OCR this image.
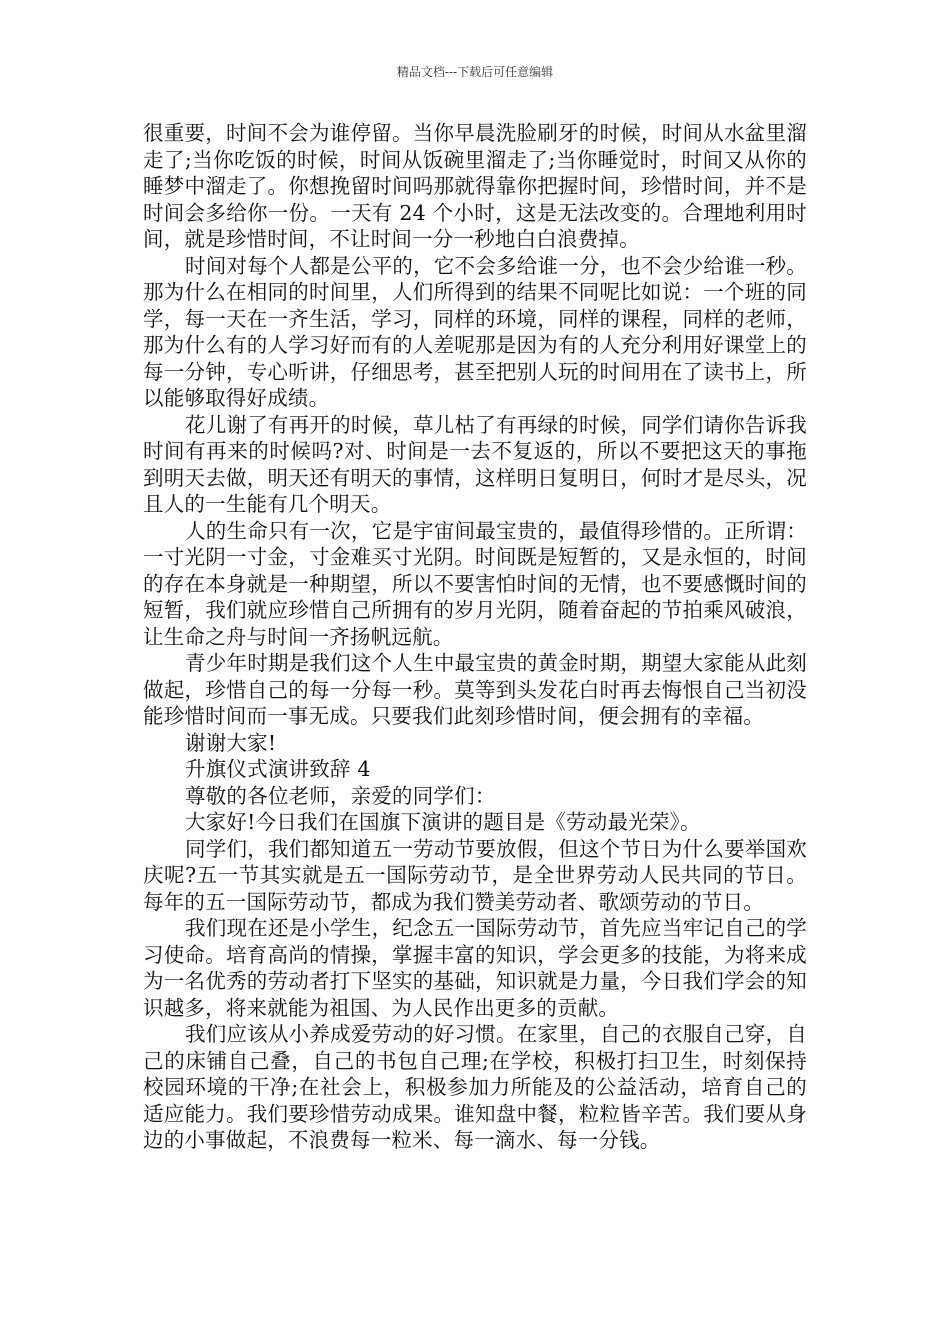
精品文档---下载后可任意编辑

很重要，时间不会为谁停留。当你早晨洗脸刷牙的时候，时间从水盆里溜走了;当你吃饭的时候，时间从饭碗里溜走了;当你睡觉时，时间又从你的睡梦中溜走了。你想挽留时间吗那就得靠你把握时间，珍惜时间，并不是时间会多给你一份。一天有 24 个小时，这是无法改变的。合理地利用时间，就是珍惜时间，不让时间一分一秒地白白浪费掉。

时间对每个人都是公平的，它不会多给谁一分，也不会少给谁一秒。那为什么在相同的时间里，人们所得到的结果不同呢比如说：一个班的同学，每一天在一齐生活，学习，同样的环境，同样的课程，同样的老师，那为什么有的人学习好而有的人差呢那是因为有的人充分利用好课堂上的每一分钟，专心听讲，仔细思考，甚至把别人玩的时间用在了读书上，所以能够取得好成绩。

花儿谢了有再开的时候，草儿枯了有再绿的时候，同学们请你告诉我时间有再来的时候吗?对、时间是一去不复返的，所以不要把这天的事拖到明天去做，明天还有明天的事情，这样明日复明日，何时才是尽头，况且人的一生能有几个明天。

人的生命只有一次，它是宇宙间最宝贵的，最值得珍惜的。正所谓：一寸光阴一寸金，寸金难买寸光阴。时间既是短暂的，又是永恒的，时间的存在本身就是一种期望，所以不要害怕时间的无情，也不要感慨时间的短暂，我们就应珍惜自己所拥有的岁月光阴，随着奋起的节拍乘风破浪，让生命之舟与时间一齐扬帆远航。

青少年时期是我们这个人生中最宝贵的黄金时期，期望大家能从此刻做起，珍惜自己的每一分每一秒。莫等到头发花白时再去悔恨自己当初没能珍惜时间而一事无成。只要我们此刻珍惜时间，便会拥有的幸福。

谢谢大家!

升旗仪式演讲致辞 4

尊敬的各位老师，亲爱的同学们：

大家好!今日我们在国旗下演讲的题目是《劳动最光荣》。

同学们，我们都知道五一劳动节要放假，但这个节日为什么要举国欢庆呢?五一节其实就是五一国际劳动节，是全世界劳动人民共同的节日。每年的五一国际劳动节，都成为我们赞美劳动者、歌颂劳动的节日。

我们现在还是小学生，纪念五一国际劳动节，首先应当牢记自己的学习使命。培育高尚的情操，掌握丰富的知识，学会更多的技能，为将来成为一名优秀的劳动者打下坚实的基础，知识就是力量，今日我们学会的知识越多，将来就能为祖国、为人民作出更多的贡献。

我们应该从小养成爱劳动的好习惯。在家里，自己的衣服自己穿，自己的床铺自己叠，自己的书包自己理;在学校，积极打扫卫生，时刻保持校园环境的干净;在社会上，积极参加力所能及的公益活动，培育自己的适应能力。我们要珍惜劳动成果。谁知盘中餐，粒粒皆辛苦。我们要从身边的小事做起，不浪费每一粒米、每一滴水、每一分钱。
